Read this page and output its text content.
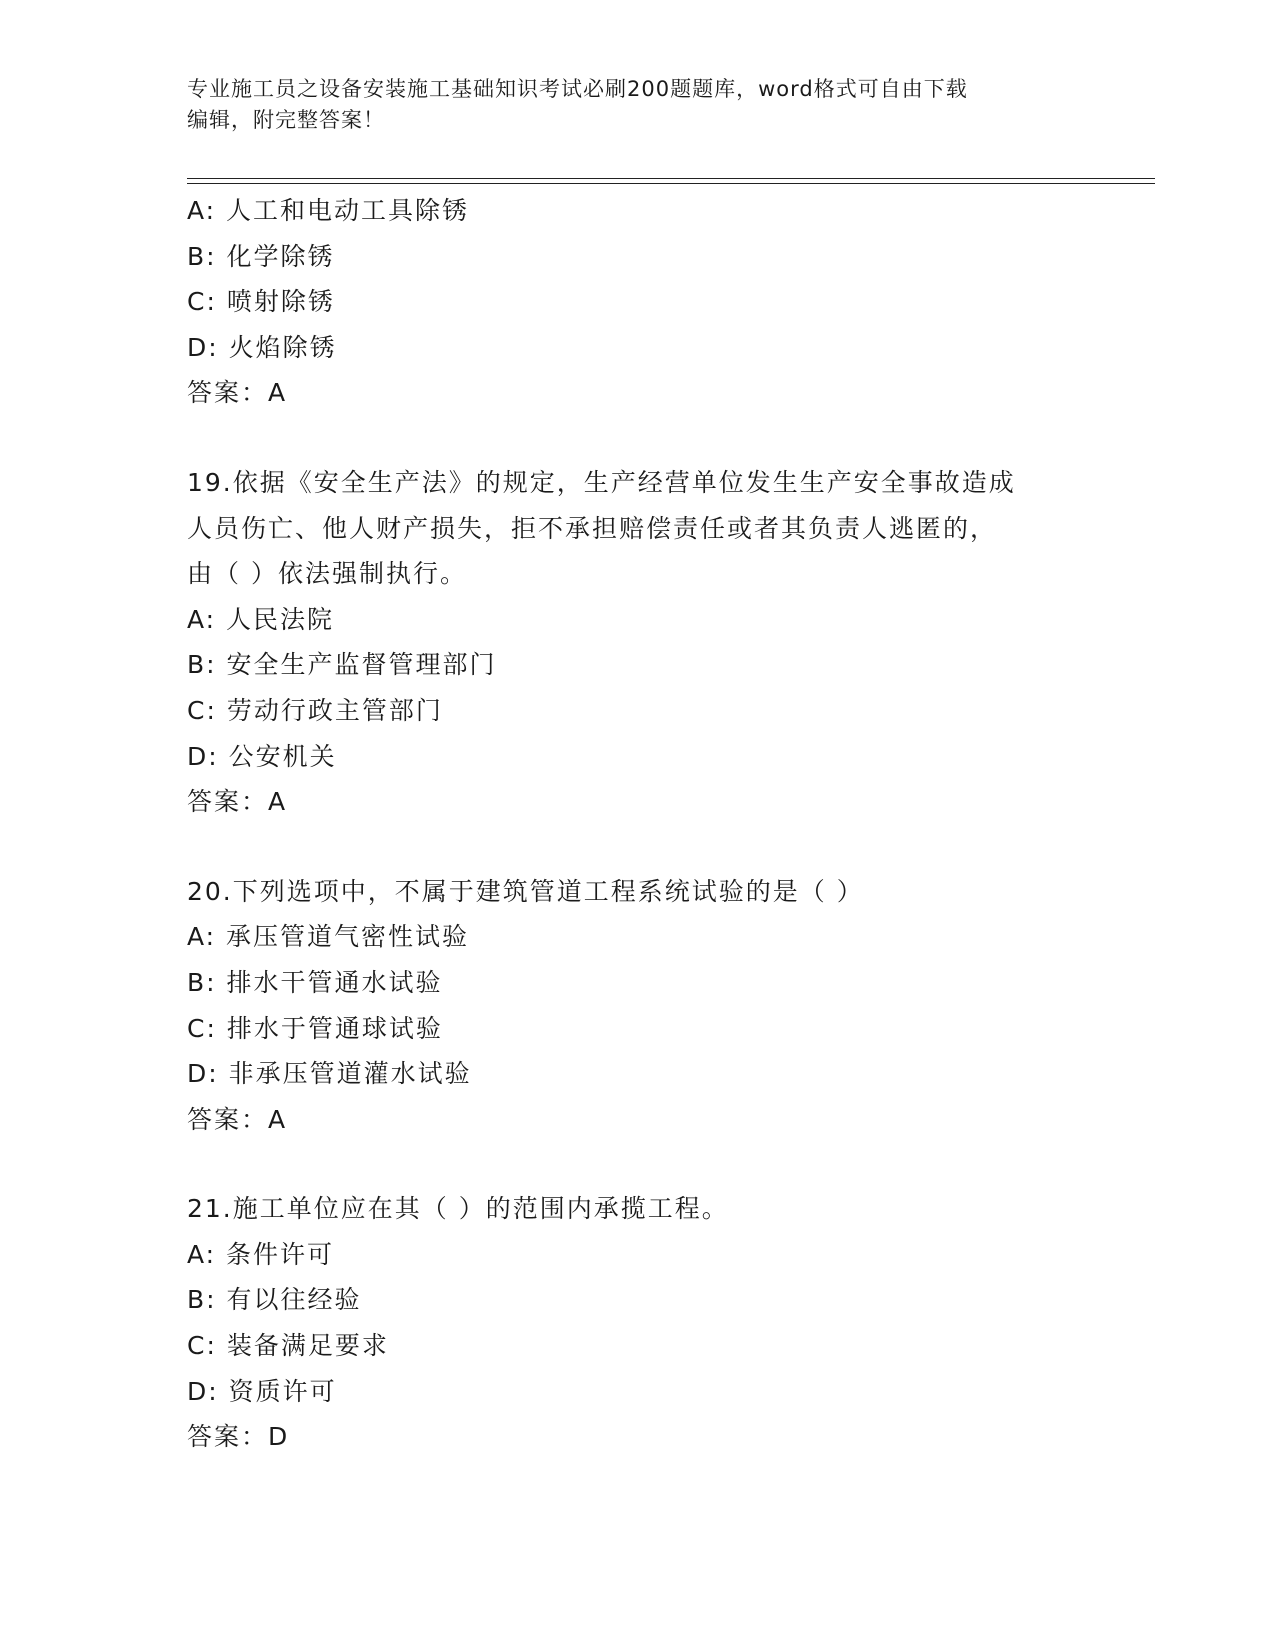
专业施工员之设备安装施工基础知识考试必刷200题题库，word格式可自由下载
编辑，附完整答案！
A: 人工和电动工具除锈
B: 化学除锈
C: 喷射除锈
D: 火焰除锈
答案：A
19.依据《安全生产法》的规定，生产经营单位发生生产安全事故造成
人员伤亡、他人财产损失，拒不承担赔偿责任或者其负责人逃匿的，
由（ ）依法强制执行。
A: 人民法院
B: 安全生产监督管理部门
C: 劳动行政主管部门
D: 公安机关
答案：A
20.下列选项中，不属于建筑管道工程系统试验的是（ ）
A: 承压管道气密性试验
B: 排水干管通水试验
C: 排水于管通球试验
D: 非承压管道灌水试验
答案：A
21.施工单位应在其（ ）的范围内承揽工程。
A: 条件许可
B: 有以往经验
C: 装备满足要求
D: 资质许可
答案：D
